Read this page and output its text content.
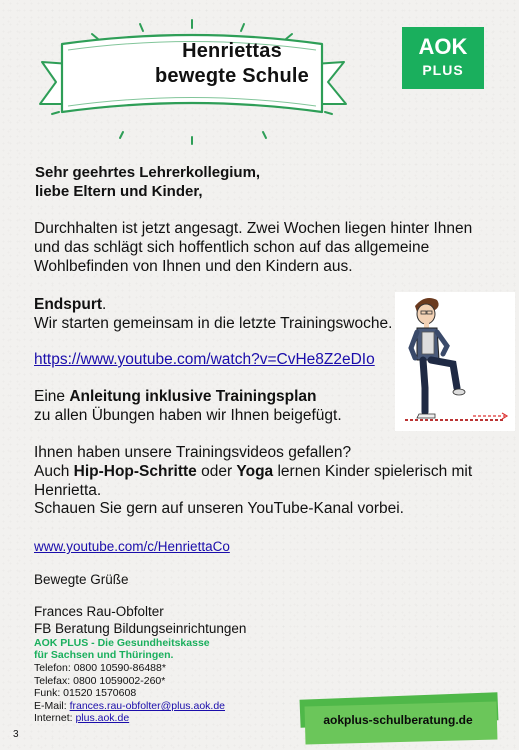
Henriettas
bewegte Schule
AOK
PLUS
Sehr geehrtes Lehrerkollegium,
liebe Eltern und Kinder,
Durchhalten ist jetzt angesagt. Zwei Wochen liegen hinter Ihnen
und das schlägt sich hoffentlich schon auf das allgemeine
Wohlbefinden von Ihnen und den Kindern aus.
Endspurt.
Wir starten gemeinsam in die letzte Trainingswoche.
https://www.youtube.com/watch?v=CvHe8Z2eDIo
Eine Anleitung inklusive Trainingsplan
zu allen Übungen haben wir Ihnen beigefügt.
Ihnen haben unsere Trainingsvideos gefallen?
Auch Hip-Hop-Schritte oder Yoga lernen Kinder spielerisch mit
Henrietta.
Schauen Sie gern auf unseren YouTube-Kanal vorbei.
www.youtube.com/c/HenriettaCo
Bewegte Grüße
Frances Rau-Obfolter
FB Beratung Bildungseinrichtungen
AOK PLUS - Die Gesundheitskasse
für Sachsen und Thüringen.
Telefon: 0800 10590-86488*
Telefax: 0800 1059002-260*
Funk: 01520 1570608
E-Mail: frances.rau-obfolter@plus.aok.de
Internet: plus.aok.de	aokplus-schulberatung.de
3
